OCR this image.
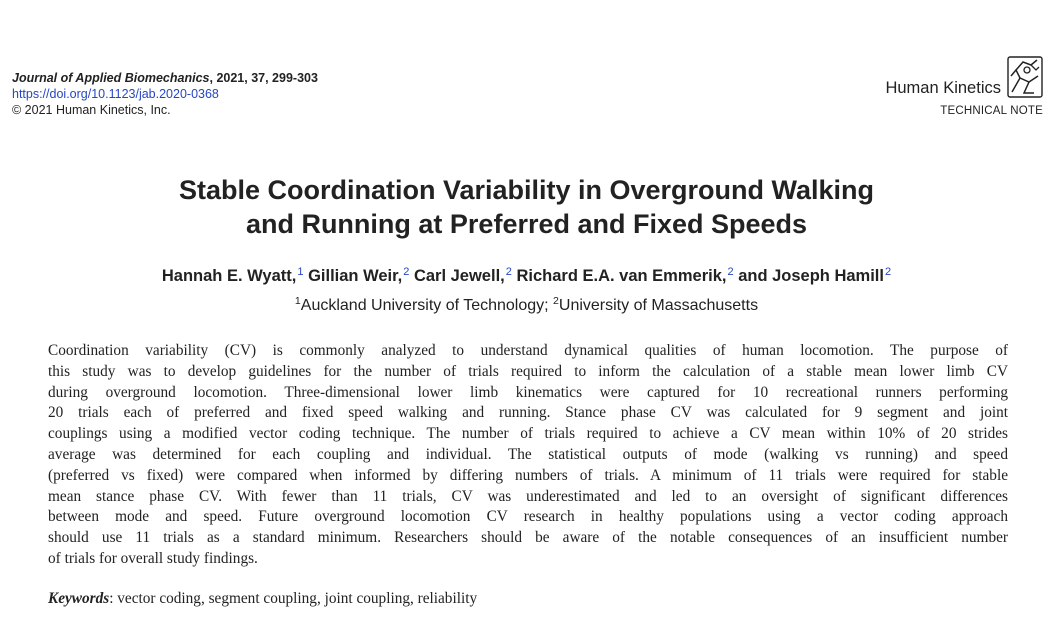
Journal of Applied Biomechanics, 2021, 37, 299-303
https://doi.org/10.1123/jab.2020-0368
© 2021 Human Kinetics, Inc.
Human Kinetics
TECHNICAL NOTE
Stable Coordination Variability in Overground Walking
and Running at Preferred and Fixed Speeds
Hannah E. Wyatt,$^1$ Gillian Weir,$^2$ Carl Jewell,$^2$ Richard E.A. van Emmerik,$^2$ and Joseph Hamill$^2$
$^1$Auckland University of Technology; $^2$University of Massachusetts
Coordination variability (CV) is commonly analyzed to understand dynamical qualities of human locomotion. The purpose of
this study was to develop guidelines for the number of trials required to inform the calculation of a stable mean lower limb CV
during overground locomotion. Three-dimensional lower limb kinematics were captured for 10 recreational runners performing
20 trials each of preferred and fixed speed walking and running. Stance phase CV was calculated for 9 segment and joint
couplings using a modified vector coding technique. The number of trials required to achieve a CV mean within 10% of 20 strides
average was determined for each coupling and individual. The statistical outputs of mode (walking vs running) and speed
(preferred vs fixed) were compared when informed by differing numbers of trials. A minimum of 11 trials were required for stable
mean stance phase CV. With fewer than 11 trials, CV was underestimated and led to an oversight of significant differences
between mode and speed. Future overground locomotion CV research in healthy populations using a vector coding approach
should use 11 trials as a standard minimum. Researchers should be aware of the notable consequences of an insufficient number
of trials for overall study findings.
Keywords: vector coding, segment coupling, joint coupling, reliability
